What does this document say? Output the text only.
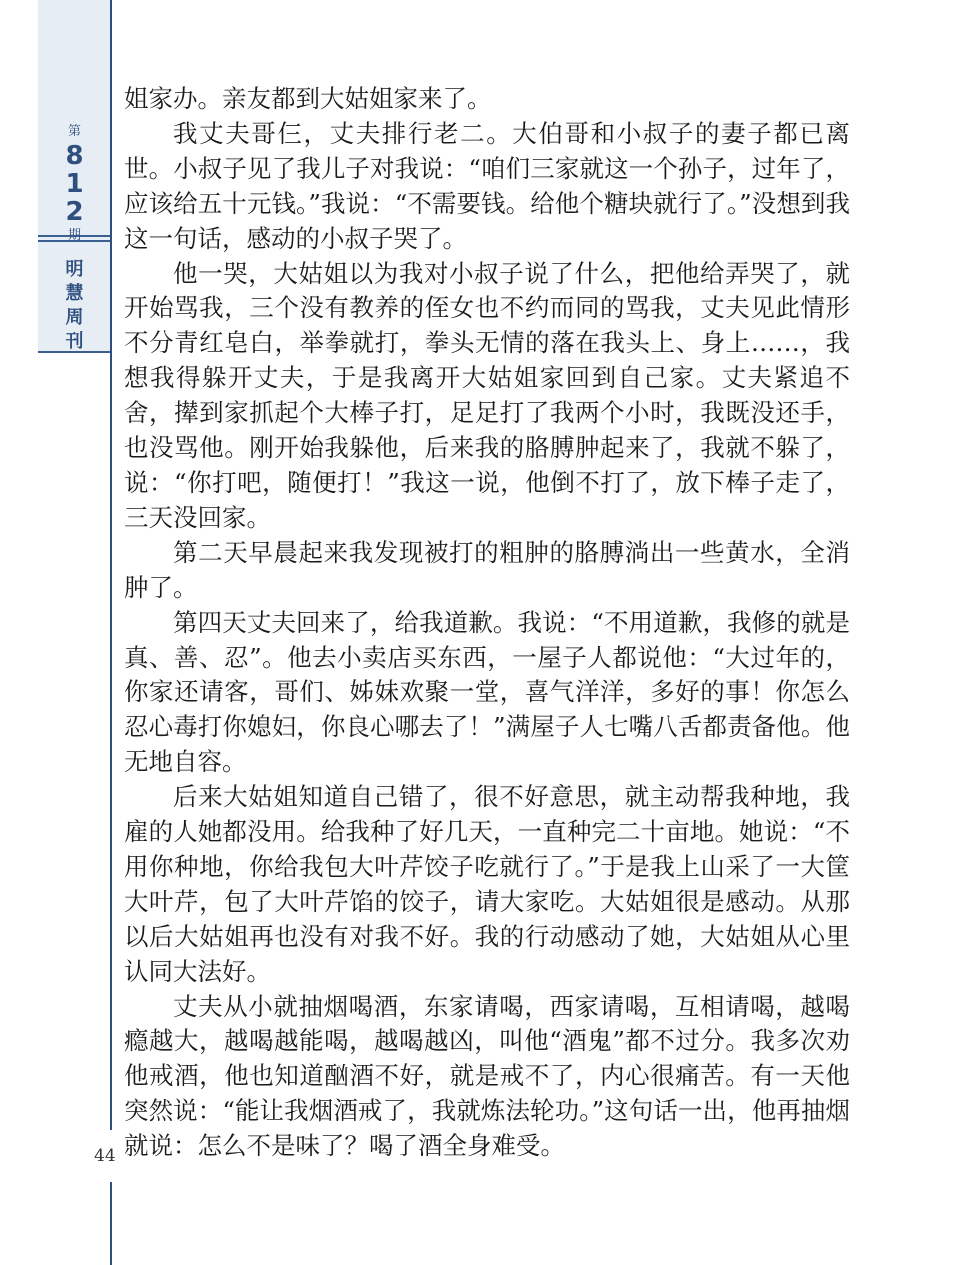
第
8
1
2
期
明
慧
周
刊

姐家办。亲友都到大姑姐家来了。

我丈夫哥仨，丈夫排行老二。大伯哥和小叔子的妻子都已离世。小叔子见了我儿子对我说：“咱们三家就这一个孙子，过年了，应该给五十元钱。”我说：“不需要钱。给他个糖块就行了。”没想到我这一句话，感动的小叔子哭了。

他一哭，大姑姐以为我对小叔子说了什么，把他给弄哭了，就开始骂我，三个没有教养的侄女也不约而同的骂我，丈夫见此情形不分青红皂白，举拳就打，拳头无情的落在我头上、身上……，我想我得躲开丈夫，于是我离开大姑姐家回到自己家。丈夫紧追不舍，撵到家抓起个大棒子打，足足打了我两个小时，我既没还手，也没骂他。刚开始我躲他，后来我的胳膊肿起来了，我就不躲了，说：“你打吧，随便打！”我这一说，他倒不打了，放下棒子走了，三天没回家。

第二天早晨起来我发现被打的粗肿的胳膊淌出一些黄水，全消肿了。

第四天丈夫回来了，给我道歉。我说：“不用道歉，我修的就是真、善、忍”。他去小卖店买东西，一屋子人都说他：“大过年的，你家还请客，哥们、姊妹欢聚一堂，喜气洋洋，多好的事！你怎么忍心毒打你媳妇，你良心哪去了！”满屋子人七嘴八舌都责备他。他无地自容。

后来大姑姐知道自己错了，很不好意思，就主动帮我种地，我雇的人她都没用。给我种了好几天，一直种完二十亩地。她说：“不用你种地，你给我包大叶芹饺子吃就行了。”于是我上山采了一大筐大叶芹，包了大叶芹馅的饺子，请大家吃。大姑姐很是感动。从那以后大姑姐再也没有对我不好。我的行动感动了她，大姑姐从心里认同大法好。

丈夫从小就抽烟喝酒，东家请喝，西家请喝，互相请喝，越喝瘾越大，越喝越能喝，越喝越凶，叫他“酒鬼”都不过分。我多次劝他戒酒，他也知道酗酒不好，就是戒不了，内心很痛苦。有一天他突然说：“能让我烟酒戒了，我就炼法轮功。”这句话一出，他再抽烟就说：怎么不是味了？喝了酒全身难受。

44
